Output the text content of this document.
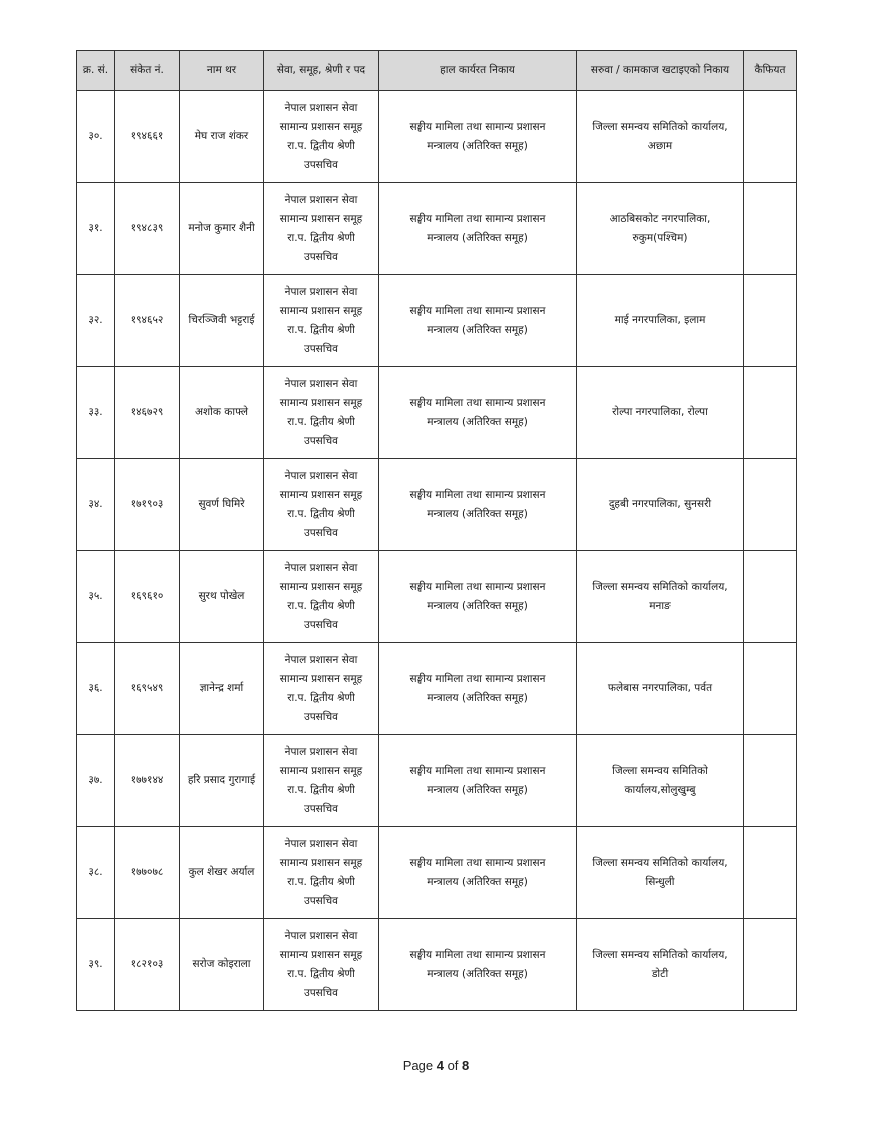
क्र. सं.	संकेत नं.	नाम थर	सेवा, समूह, श्रेणी र पद	हाल कार्यरत निकाय	सरुवा / कामकाज खटाइएको निकाय	कैफियत
३०.	१९४६६१	मेघ राज शंकर	नेपाल प्रशासन सेवा
सामान्य प्रशासन समूह
रा.प. द्वितीय श्रेणी
उपसचिव	सङ्घीय मामिला तथा सामान्य प्रशासन
मन्त्रालय (अतिरिक्त समूह)	जिल्ला समन्वय समितिको कार्यालय,
अछाम	

३१.	१९४८३९	मनोज कुमार शैनी	नेपाल प्रशासन सेवा
सामान्य प्रशासन समूह
रा.प. द्वितीय श्रेणी
उपसचिव	सङ्घीय मामिला तथा सामान्य प्रशासन
मन्त्रालय (अतिरिक्त समूह)	आठबिसकोट नगरपालिका,
रुकुम(पश्चिम)	

३२.	१९४६५२	चिरञ्जिवी भट्टराई	नेपाल प्रशासन सेवा
सामान्य प्रशासन समूह
रा.प. द्वितीय श्रेणी
उपसचिव	सङ्घीय मामिला तथा सामान्य प्रशासन
मन्त्रालय (अतिरिक्त समूह)	माई नगरपालिका, इलाम	

३३.	१४६७२९	अशोक काफ्ले	नेपाल प्रशासन सेवा
सामान्य प्रशासन समूह
रा.प. द्वितीय श्रेणी
उपसचिव	सङ्घीय मामिला तथा सामान्य प्रशासन
मन्त्रालय (अतिरिक्त समूह)	रोल्पा नगरपालिका, रोल्पा	

३४.	१७१९०३	सुवर्ण घिमिरे	नेपाल प्रशासन सेवा
सामान्य प्रशासन समूह
रा.प. द्वितीय श्रेणी
उपसचिव	सङ्घीय मामिला तथा सामान्य प्रशासन
मन्त्रालय (अतिरिक्त समूह)	दुहबी नगरपालिका, सुनसरी	

३५.	१६९६१०	सुरथ पोखेल	नेपाल प्रशासन सेवा
सामान्य प्रशासन समूह
रा.प. द्वितीय श्रेणी
उपसचिव	सङ्घीय मामिला तथा सामान्य प्रशासन
मन्त्रालय (अतिरिक्त समूह)	जिल्ला समन्वय समितिको कार्यालय,
मनाङ	

३६.	१६९५४९	ज्ञानेन्द्र शर्मा	नेपाल प्रशासन सेवा
सामान्य प्रशासन समूह
रा.प. द्वितीय श्रेणी
उपसचिव	सङ्घीय मामिला तथा सामान्य प्रशासन
मन्त्रालय (अतिरिक्त समूह)	फलेबास नगरपालिका, पर्वत	

३७.	१७७१४४	हरि प्रसाद गुरागाई	नेपाल प्रशासन सेवा
सामान्य प्रशासन समूह
रा.प. द्वितीय श्रेणी
उपसचिव	सङ्घीय मामिला तथा सामान्य प्रशासन
मन्त्रालय (अतिरिक्त समूह)	जिल्ला समन्वय समितिको
कार्यालय,सोलुखुम्बु	

३८.	१७७०७८	कुल शेखर अर्याल	नेपाल प्रशासन सेवा
सामान्य प्रशासन समूह
रा.प. द्वितीय श्रेणी
उपसचिव	सङ्घीय मामिला तथा सामान्य प्रशासन
मन्त्रालय (अतिरिक्त समूह)	जिल्ला समन्वय समितिको कार्यालय,
सिन्धुली	

३९.	१८२१०३	सरोज कोइराला	नेपाल प्रशासन सेवा
सामान्य प्रशासन समूह
रा.प. द्वितीय श्रेणी
उपसचिव	सङ्घीय मामिला तथा सामान्य प्रशासन
मन्त्रालय (अतिरिक्त समूह)	जिल्ला समन्वय समितिको कार्यालय,
डोटी	

Page 4 of 8
